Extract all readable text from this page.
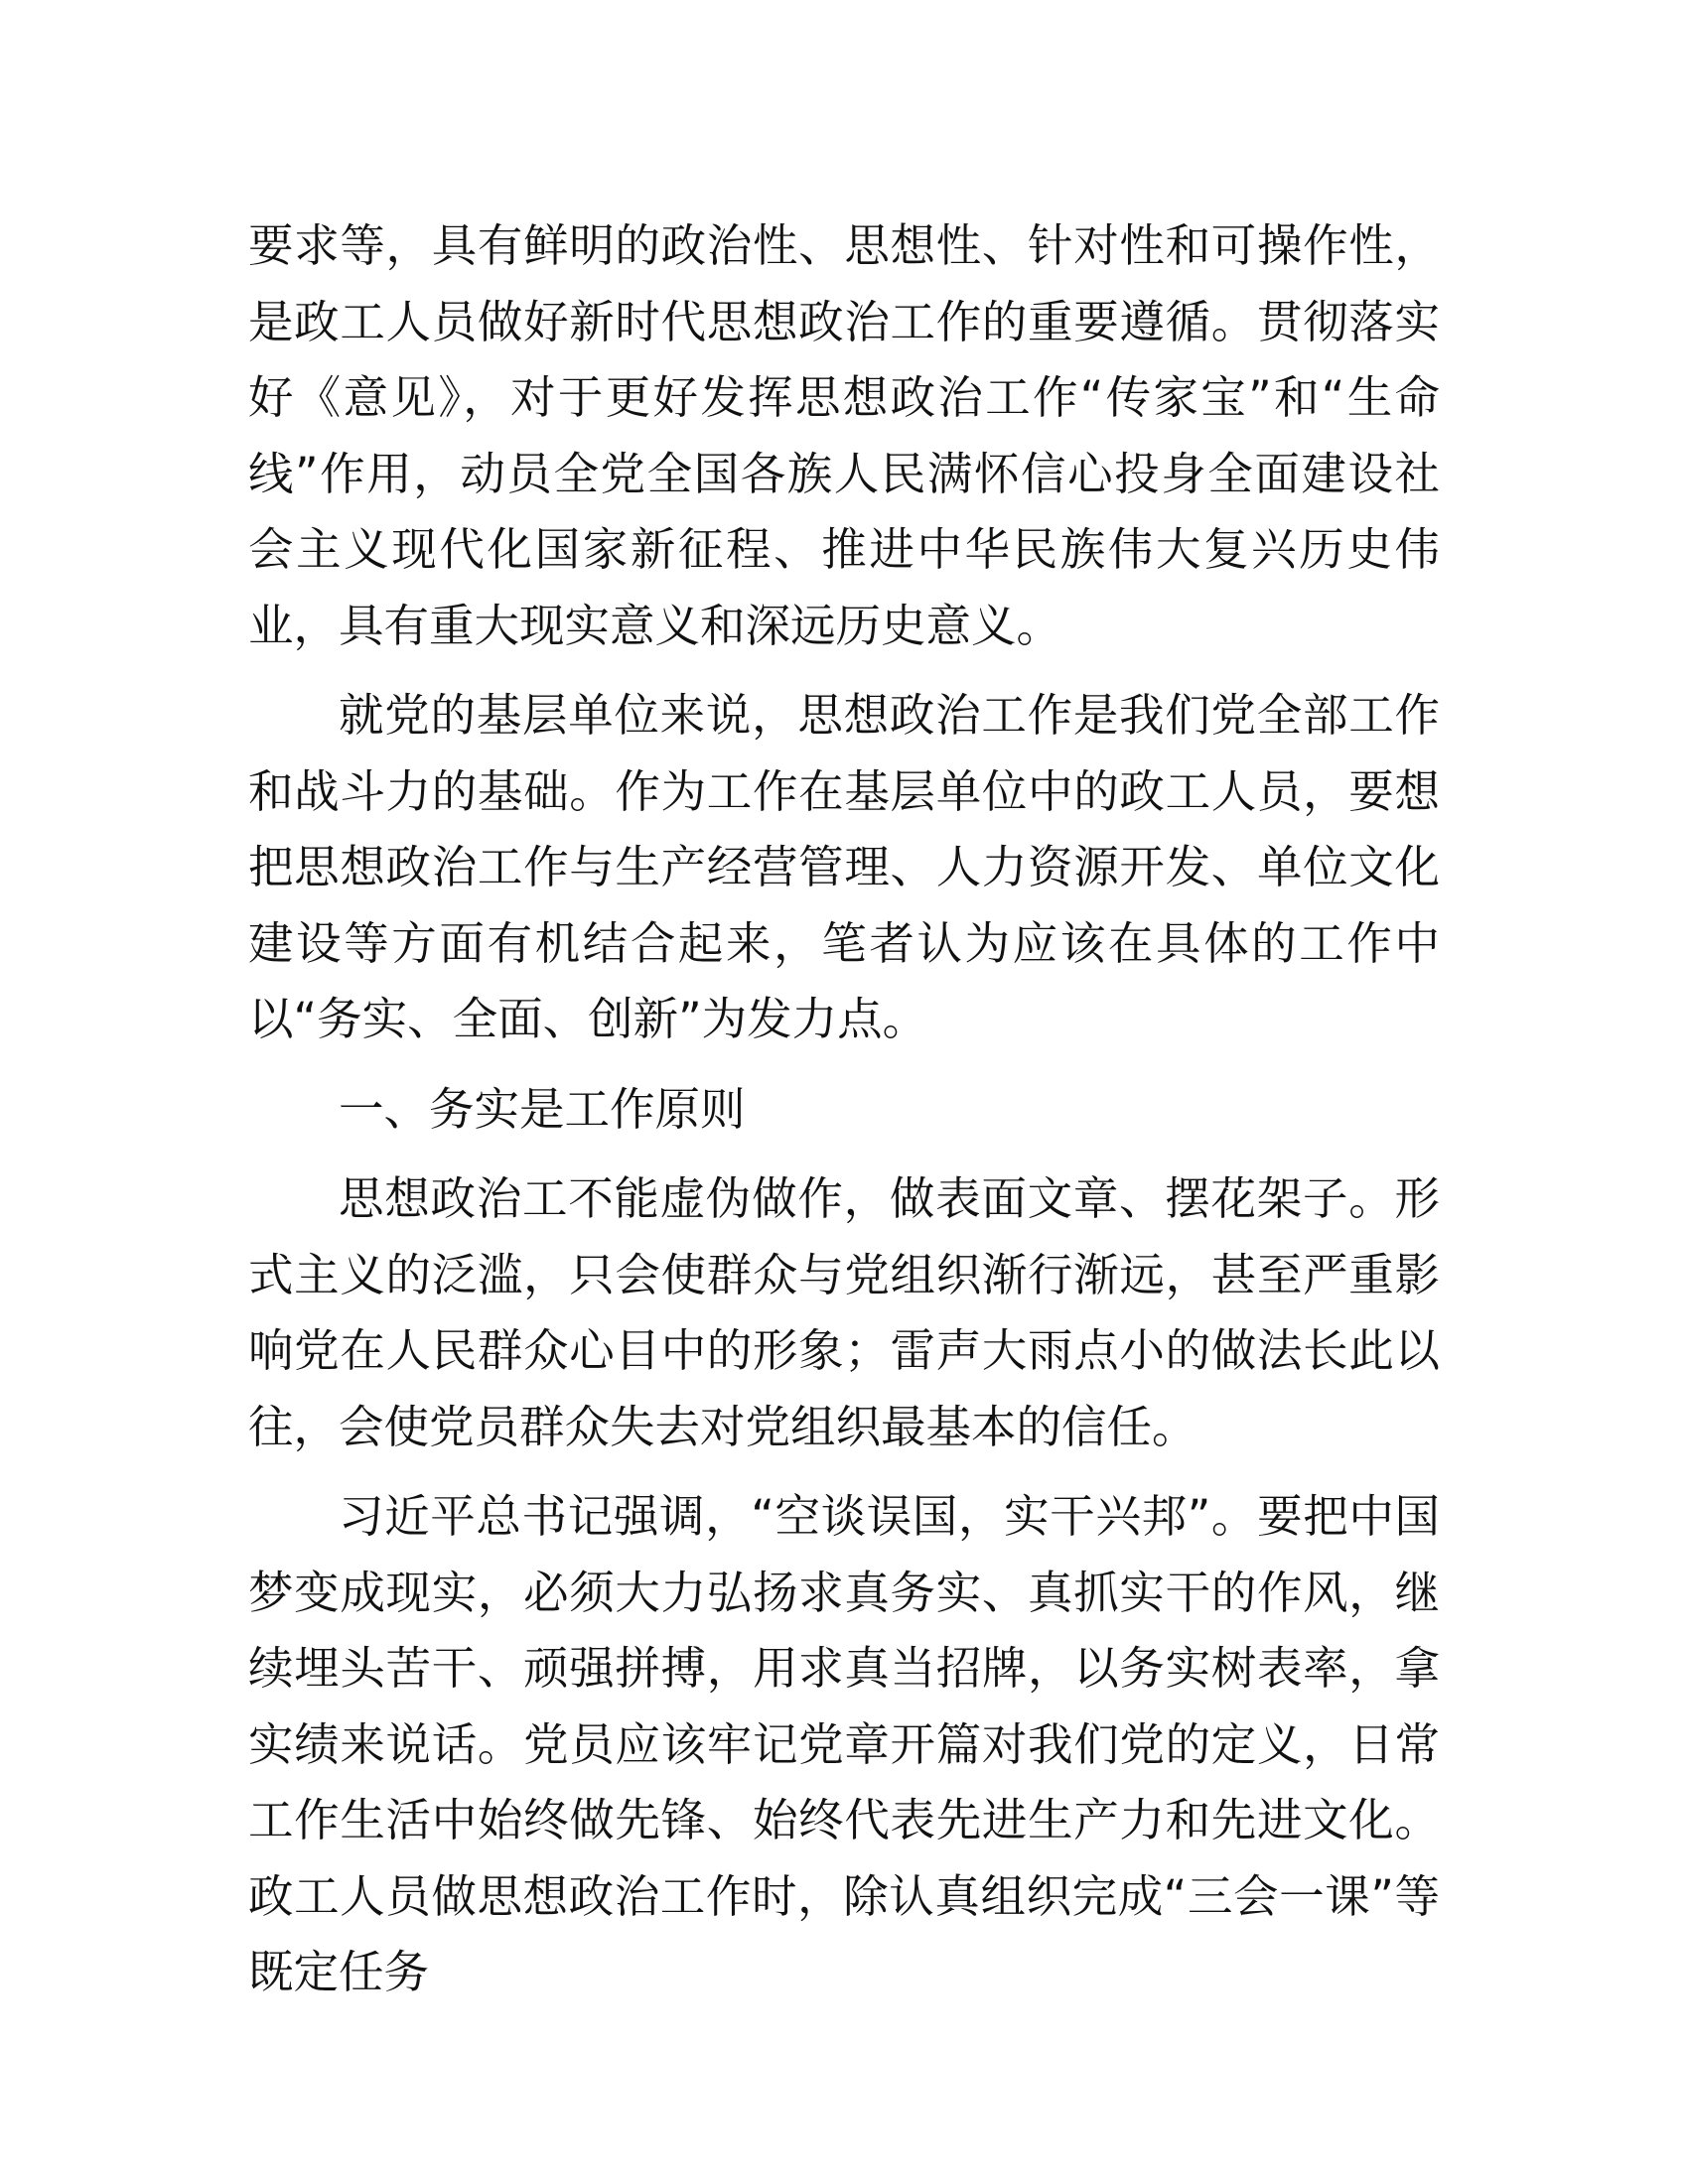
要求等，具有鲜明的政治性、思想性、针对性和可操作性，是政工人员做好新时代思想政治工作的重要遵循。贯彻落实好《意见》，对于更好发挥思想政治工作“传家宝”和“生命线”作用，动员全党全国各族人民满怀信心投身全面建设社会主义现代化国家新征程、推进中华民族伟大复兴历史伟业，具有重大现实意义和深远历史意义。

就党的基层单位来说，思想政治工作是我们党全部工作和战斗力的基础。作为工作在基层单位中的政工人员，要想把思想政治工作与生产经营管理、人力资源开发、单位文化建设等方面有机结合起来，笔者认为应该在具体的工作中以“务实、全面、创新”为发力点。

一、务实是工作原则

思想政治工不能虚伪做作，做表面文章、摆花架子。形式主义的泛滥，只会使群众与党组织渐行渐远，甚至严重影响党在人民群众心目中的形象；雷声大雨点小的做法长此以往，会使党员群众失去对党组织最基本的信任。

习近平总书记强调，“空谈误国，实干兴邦”。要把中国梦变成现实，必须大力弘扬求真务实、真抓实干的作风，继续埋头苦干、顽强拼搏，用求真当招牌，以务实树表率，拿实绩来说话。党员应该牢记党章开篇对我们党的定义，日常工作生活中始终做先锋、始终代表先进生产力和先进文化。政工人员做思想政治工作时，除认真组织完成“三会一课”等既定任务
